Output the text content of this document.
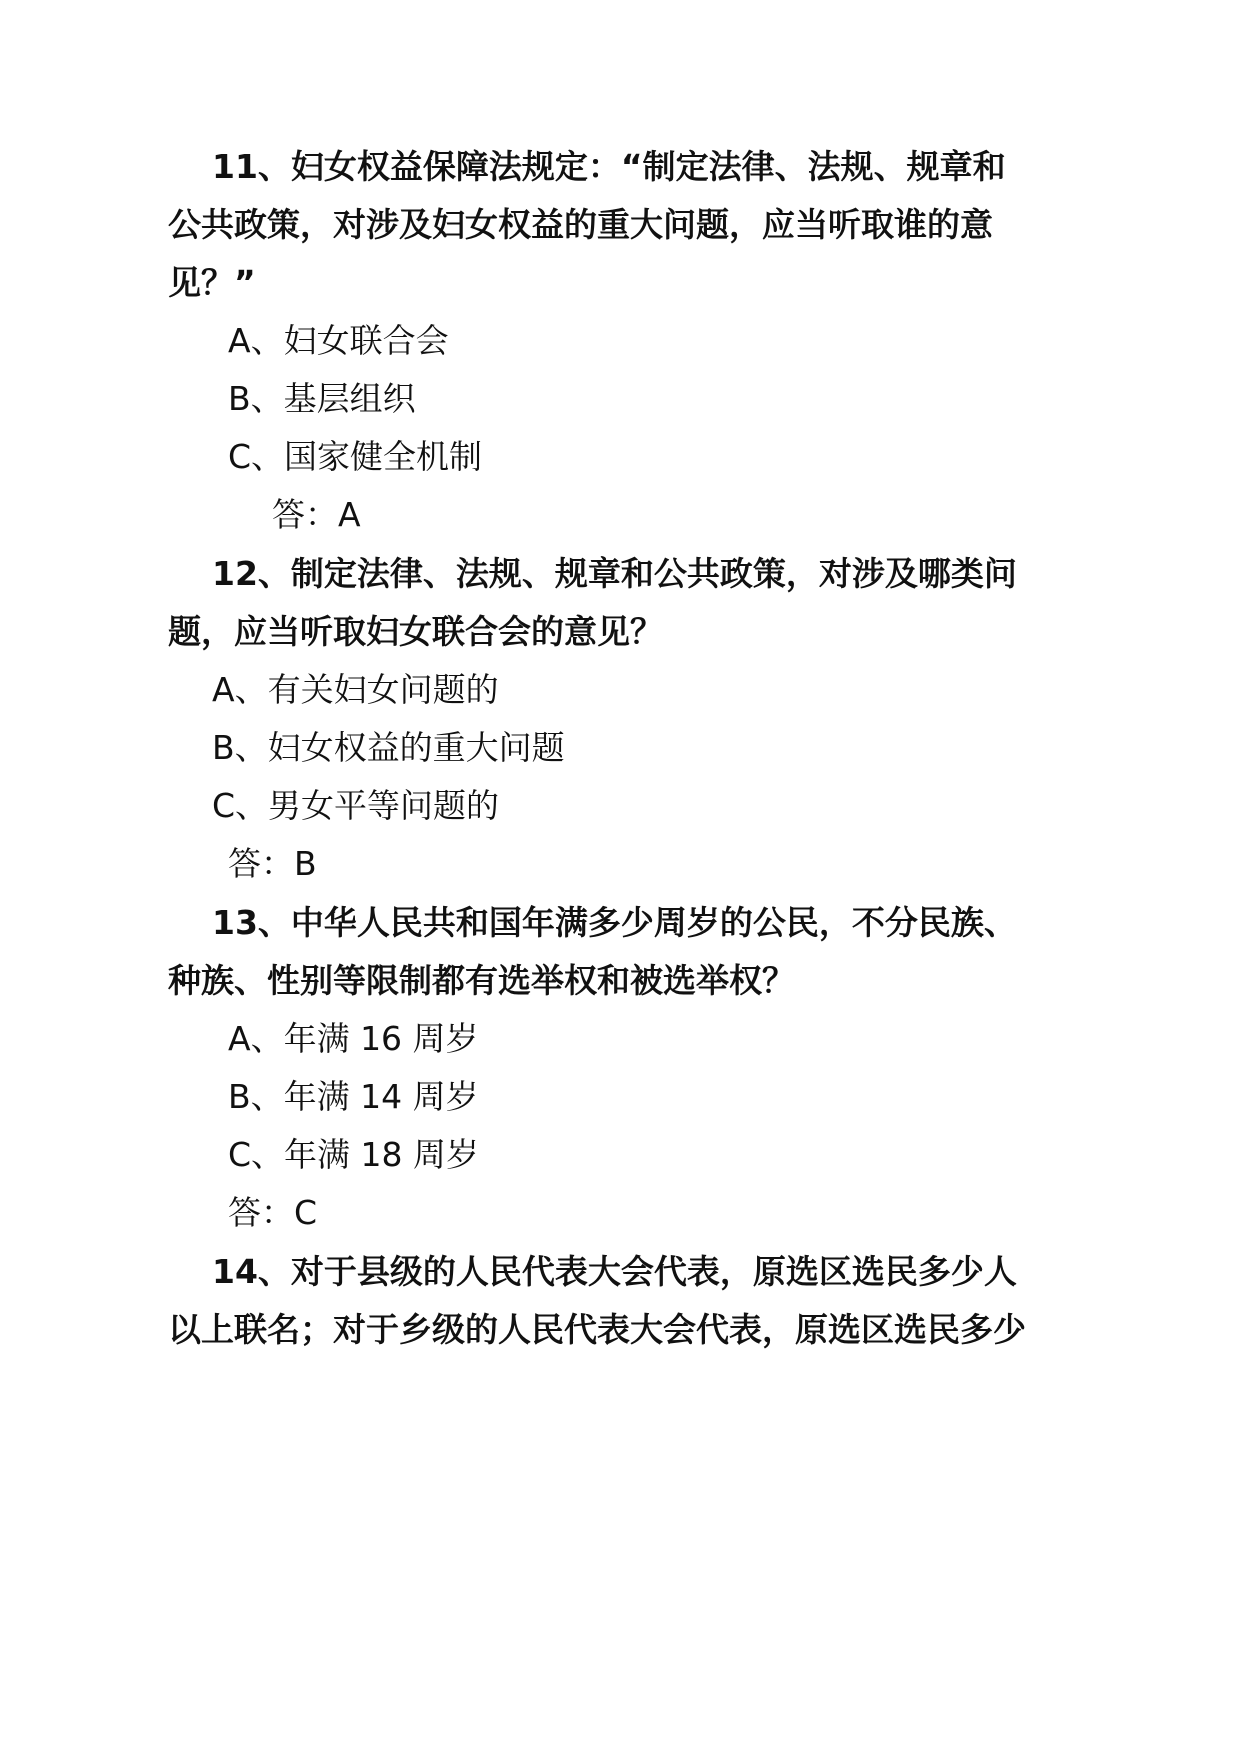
11、妇女权益保障法规定：“制定法律、法规、规章和
公共政策，对涉及妇女权益的重大问题，应当听取谁的意
见？”
A、妇女联合会
B、基层组织
C、国家健全机制
答：A
12、制定法律、法规、规章和公共政策，对涉及哪类问
题，应当听取妇女联合会的意见？
A、有关妇女问题的
B、妇女权益的重大问题
C、男女平等问题的
答：B
13、中华人民共和国年满多少周岁的公民，不分民族、
种族、性别等限制都有选举权和被选举权？
A、年满 16 周岁
B、年满 14 周岁
C、年满 18 周岁
答：C
14、对于县级的人民代表大会代表，原选区选民多少人
以上联名；对于乡级的人民代表大会代表，原选区选民多少
